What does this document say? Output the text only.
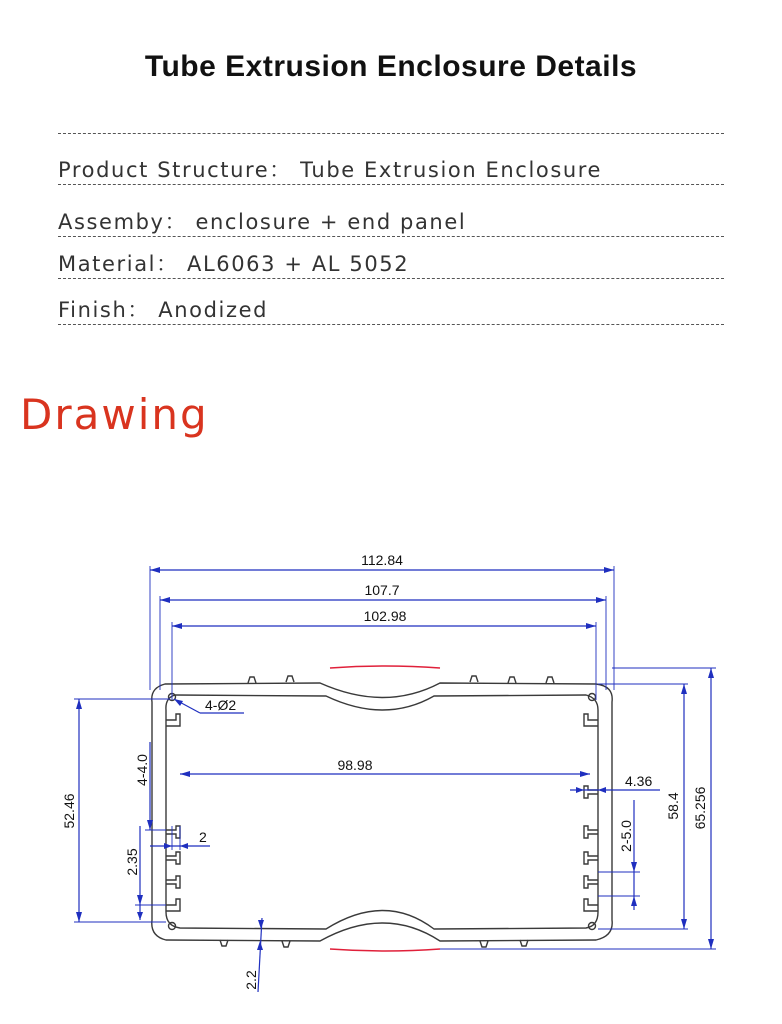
Tube Extrusion Enclosure Details
Product Structure： Tube Extrusion Enclosure
Assemby： enclosure + end panel
Material： AL6063 + AL 5052
Finish： Anodized
Drawing
112.84
107.7
102.98
98.98
4-Ø2
4.36
2
52.46
4-4.0
2.35
2-5.0
58.4 65.256
2.2
